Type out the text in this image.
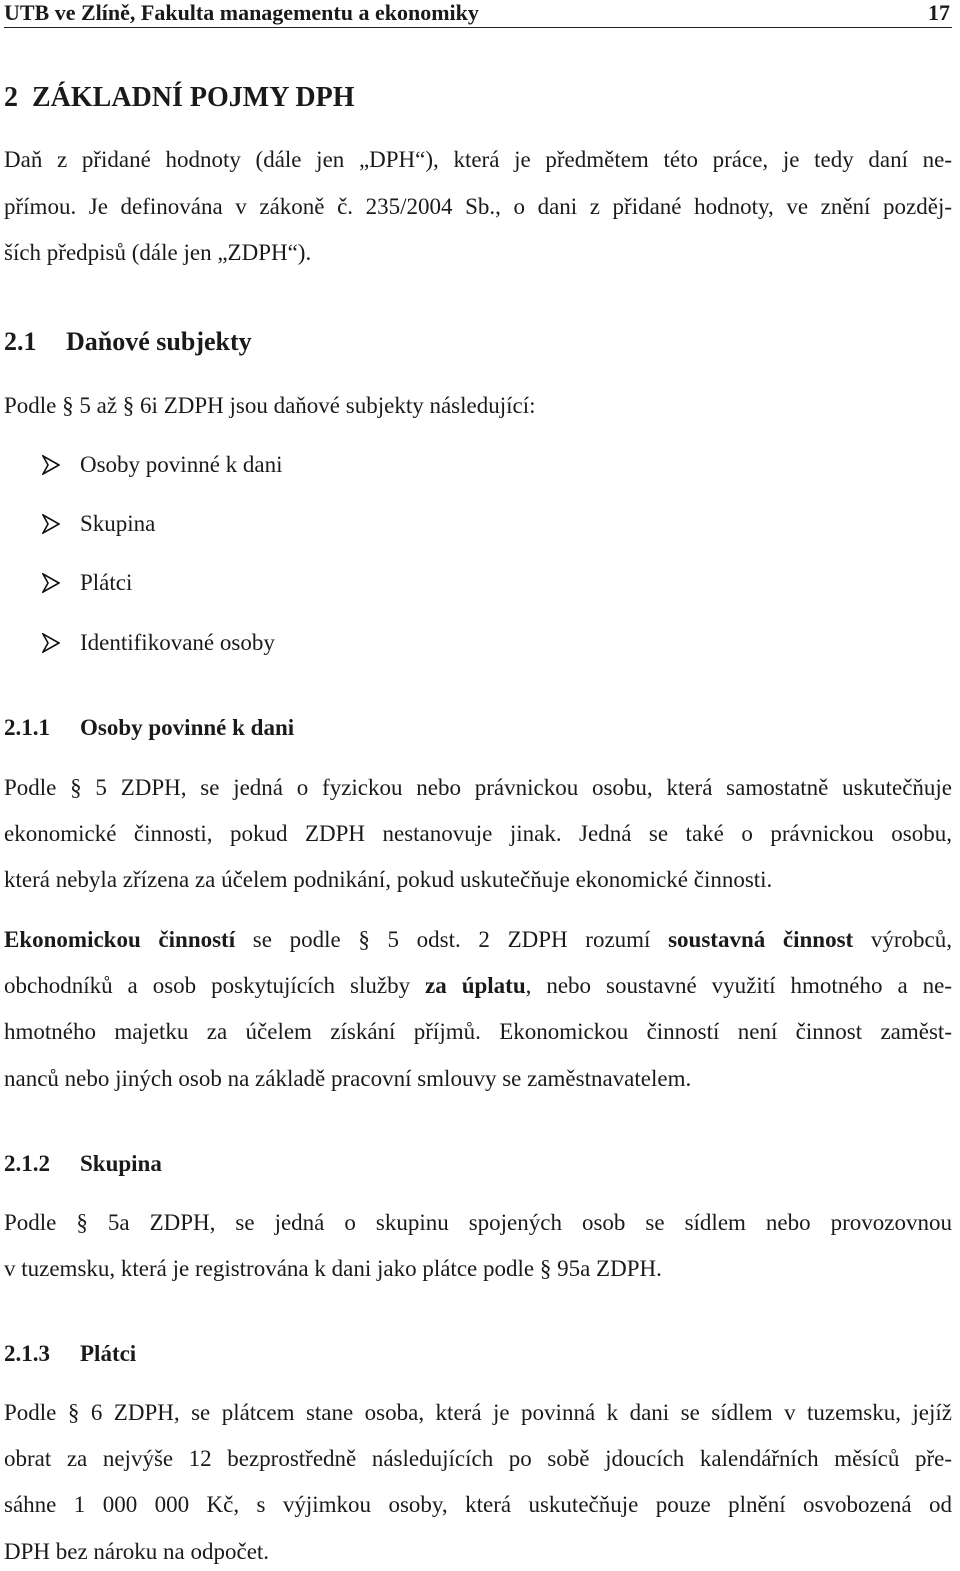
UTB ve Zlíně, Fakulta managementu a ekonomiky	17
2 ZÁKLADNÍ POJMY DPH
Daň z přidané hodnoty (dále jen „DPH“), která je předmětem této práce, je tedy daní ne-
přímou. Je definována v zákoně č. 235/2004 Sb., o dani z přidané hodnoty, ve znění pozděj-
ších předpisů (dále jen „ZDPH“).
2.1 Daňové subjekty
Podle § 5 až § 6i ZDPH jsou daňové subjekty následující:
Osoby povinné k dani
Skupina
Plátci
Identifikované osoby
2.1.1 Osoby povinné k dani
Podle § 5 ZDPH, se jedná o fyzickou nebo právnickou osobu, která samostatně uskutečňuje
ekonomické činnosti, pokud ZDPH nestanovuje jinak. Jedná se také o právnickou osobu,
která nebyla zřízena za účelem podnikání, pokud uskutečňuje ekonomické činnosti.
Ekonomickou činností se podle § 5 odst. 2 ZDPH rozumí soustavná činnost výrobců,
obchodníků a osob poskytujících služby za úplatu, nebo soustavné využití hmotného a ne-
hmotného majetku za účelem získání příjmů. Ekonomickou činností není činnost zaměst-
nanců nebo jiných osob na základě pracovní smlouvy se zaměstnavatelem.
2.1.2 Skupina
Podle § 5a ZDPH, se jedná o skupinu spojených osob se sídlem nebo provozovnou
v tuzemsku, která je registrována k dani jako plátce podle § 95a ZDPH.
2.1.3 Plátci
Podle § 6 ZDPH, se plátcem stane osoba, která je povinná k dani se sídlem v tuzemsku, jejíž
obrat za nejvýše 12 bezprostředně následujících po sobě jdoucích kalendářních měsíců pře-
sáhne 1 000 000 Kč, s výjimkou osoby, která uskutečňuje pouze plnění osvobozená od
DPH bez nároku na odpočet.
